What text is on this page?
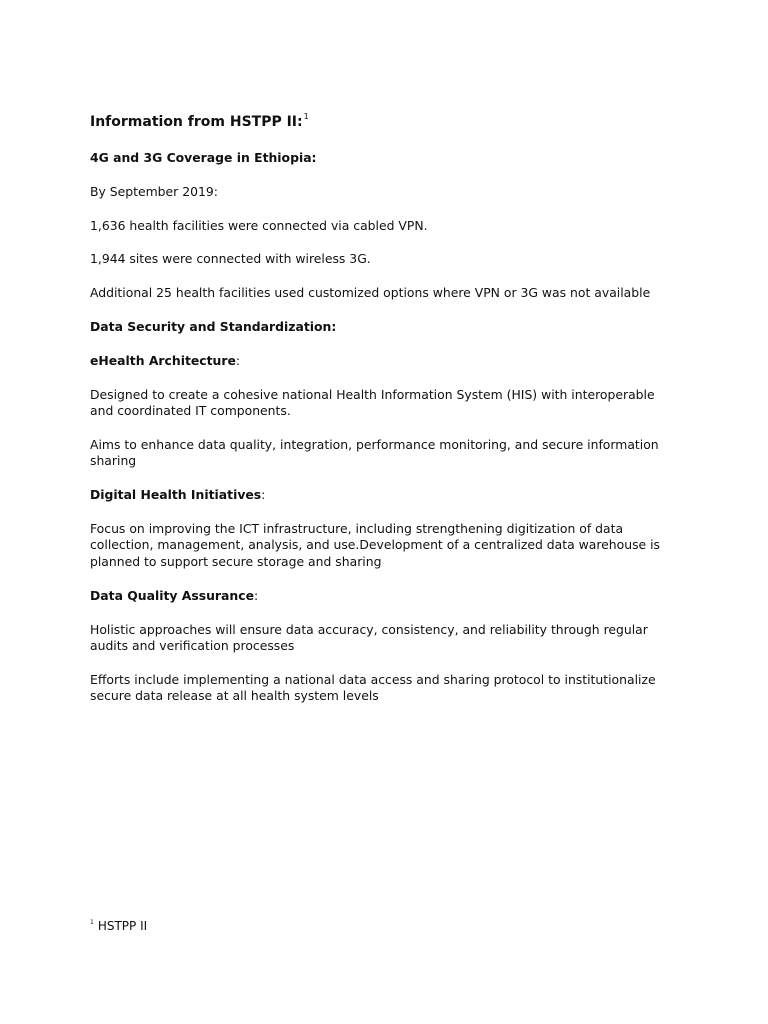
Information from HSTPP II:$^1$

4G and 3G Coverage in Ethiopia:

By September 2019:

1,636 health facilities were connected via cabled VPN.

1,944 sites were connected with wireless 3G.

Additional 25 health facilities used customized options where VPN or 3G was not available

Data Security and Standardization:

eHealth Architecture:

Designed to create a cohesive national Health Information System (HIS) with interoperable and coordinated IT components.

Aims to enhance data quality, integration, performance monitoring, and secure information sharing

Digital Health Initiatives:

Focus on improving the ICT infrastructure, including strengthening digitization of data collection, management, analysis, and use.Development of a centralized data warehouse is planned to support secure storage and sharing

Data Quality Assurance:

Holistic approaches will ensure data accuracy, consistency, and reliability through regular audits and verification processes

Efforts include implementing a national data access and sharing protocol to institutionalize secure data release at all health system levels

$^1$ HSTPP II
